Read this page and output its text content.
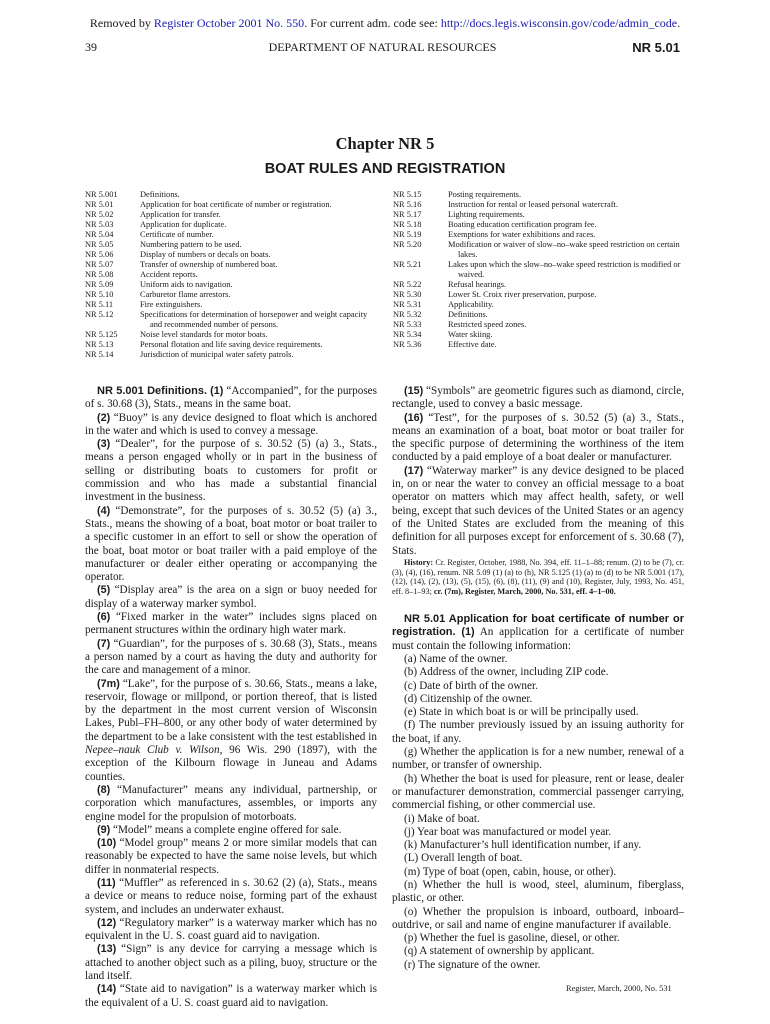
Removed by Register October 2001 No. 550. For current adm. code see: http://docs.legis.wisconsin.gov/code/admin_code.
39	DEPARTMENT OF NATURAL RESOURCES	NR 5.01
Chapter NR 5
BOAT RULES AND REGISTRATION
NR 5.001	Definitions.
NR 5.01	Application for boat certificate of number or registration.
NR 5.02	Application for transfer.
NR 5.03	Application for duplicate.
NR 5.04	Certificate of number.
NR 5.05	Numbering pattern to be used.
NR 5.06	Display of numbers or decals on boats.
NR 5.07	Transfer of ownership of numbered boat.
NR 5.08	Accident reports.
NR 5.09	Uniform aids to navigation.
NR 5.10	Carburetor flame arrestors.
NR 5.11	Fire extinguishers.
NR 5.12	Specifications for determination of horsepower and weight capacity
and recommended number of persons.
NR 5.125	Noise level standards for motor boats.
NR 5.13	Personal flotation and life saving device requirements.
NR 5.14	Jurisdiction of municipal water safety patrols.
NR 5.15	Posting requirements.
NR 5.16	Instruction for rental or leased personal watercraft.
NR 5.17	Lighting requirements.
NR 5.18	Boating education certification program fee.
NR 5.19	Exemptions for water exhibitions and races.
NR 5.20	Modification or waiver of slow–no–wake speed restriction on certain
lakes.
NR 5.21	Lakes upon which the slow–no–wake speed restriction is modified or
waived.
NR 5.22	Refusal hearings.
NR 5.30	Lower St. Croix river preservation, purpose.
NR 5.31	Applicability.
NR 5.32	Definitions.
NR 5.33	Restricted speed zones.
NR 5.34	Water skiing.
NR 5.36	Effective date.

NR 5.001 Definitions. (1) “Accompanied”, for the purposes of s. 30.68 (3), Stats., means in the same boat.

(2) “Buoy” is any device designed to float which is anchored in the water and which is used to convey a message.

(3) “Dealer”, for the purpose of s. 30.52 (5) (a) 3., Stats., means a person engaged wholly or in part in the business of selling or distributing boats to customers for profit or commission and who has made a substantial financial investment in the business.

(4) “Demonstrate”, for the purposes of s. 30.52 (5) (a) 3., Stats., means the showing of a boat, boat motor or boat trailer to a specific customer in an effort to sell or show the operation of the boat, boat motor or boat trailer with a paid employe of the manufacturer or dealer either operating or accompanying the operator.

(5) “Display area” is the area on a sign or buoy needed for display of a waterway marker symbol.

(6) “Fixed marker in the water” includes signs placed on permanent structures within the ordinary high water mark.

(7) “Guardian”, for the purposes of s. 30.68 (3), Stats., means a person named by a court as having the duty and authority for the care and management of a minor.

(7m) “Lake”, for the purpose of s. 30.66, Stats., means a lake, reservoir, flowage or millpond, or portion thereof, that is listed by the department in the most current version of Wisconsin Lakes, Publ–FH–800, or any other body of water determined by the department to be a lake consistent with the test established in Nepee–nauk Club v. Wilson, 96 Wis. 290 (1897), with the exception of the Kilbourn flowage in Juneau and Adams counties.

(8) “Manufacturer” means any individual, partnership, or corporation which manufactures, assembles, or imports any engine model for the propulsion of motorboats.

(9) “Model” means a complete engine offered for sale.

(10) “Model group” means 2 or more similar models that can reasonably be expected to have the same noise levels, but which differ in nonmaterial respects.

(11) “Muffler” as referenced in s. 30.62 (2) (a), Stats., means a device or means to reduce noise, forming part of the exhaust system, and includes an underwater exhaust.

(12) “Regulatory marker” is a waterway marker which has no equivalent in the U. S. coast guard aid to navigation.

(13) “Sign” is any device for carrying a message which is attached to another object such as a piling, buoy, structure or the land itself.

(14) “State aid to navigation” is a waterway marker which is the equivalent of a U. S. coast guard aid to navigation.

(15) “Symbols” are geometric figures such as diamond, circle, rectangle, used to convey a basic message.

(16) “Test”, for the purposes of s. 30.52 (5) (a) 3., Stats., means an examination of a boat, boat motor or boat trailer for the specific purpose of determining the worthiness of the item conducted by a paid employe of a boat dealer or manufacturer.

(17) “Waterway marker” is any device designed to be placed in, on or near the water to convey an official message to a boat operator on matters which may affect health, safety, or well being, except that such devices of the United States or an agency of the United States are excluded from the meaning of this definition for all purposes except for enforcement of s. 30.68 (7), Stats.

History: Cr. Register, October, 1988, No. 394, eff. 11–1–88; renum. (2) to be (7), cr. (3), (4), (16), renum. NR 5.09 (1) (a) to (h), NR 5.125 (1) (a) to (d) to be NR 5.001 (17), (12), (14), (2), (13), (5), (15), (6), (8), (11), (9) and (10), Register, July, 1993, No. 451, eff. 8–1–93; cr. (7m), Register, March, 2000, No. 531, eff. 4–1–00.

NR 5.01 Application for boat certificate of number or registration. (1) An application for a certificate of number must contain the following information:

(a) Name of the owner.

(b) Address of the owner, including ZIP code.

(c) Date of birth of the owner.

(d) Citizenship of the owner.

(e) State in which boat is or will be principally used.

(f) The number previously issued by an issuing authority for the boat, if any.

(g) Whether the application is for a new number, renewal of a number, or transfer of ownership.

(h) Whether the boat is used for pleasure, rent or lease, dealer or manufacturer demonstration, commercial passenger carrying, commercial fishing, or other commercial use.

(i) Make of boat.

(j) Year boat was manufactured or model year.

(k) Manufacturer’s hull identification number, if any.

(L) Overall length of boat.

(m) Type of boat (open, cabin, house, or other).

(n) Whether the hull is wood, steel, aluminum, fiberglass, plastic, or other.

(o) Whether the propulsion is inboard, outboard, inboard–outdrive, or sail and name of engine manufacturer if available.

(p) Whether the fuel is gasoline, diesel, or other.

(q) A statement of ownership by applicant.

(r) The signature of the owner.

Register, March, 2000, No. 531
